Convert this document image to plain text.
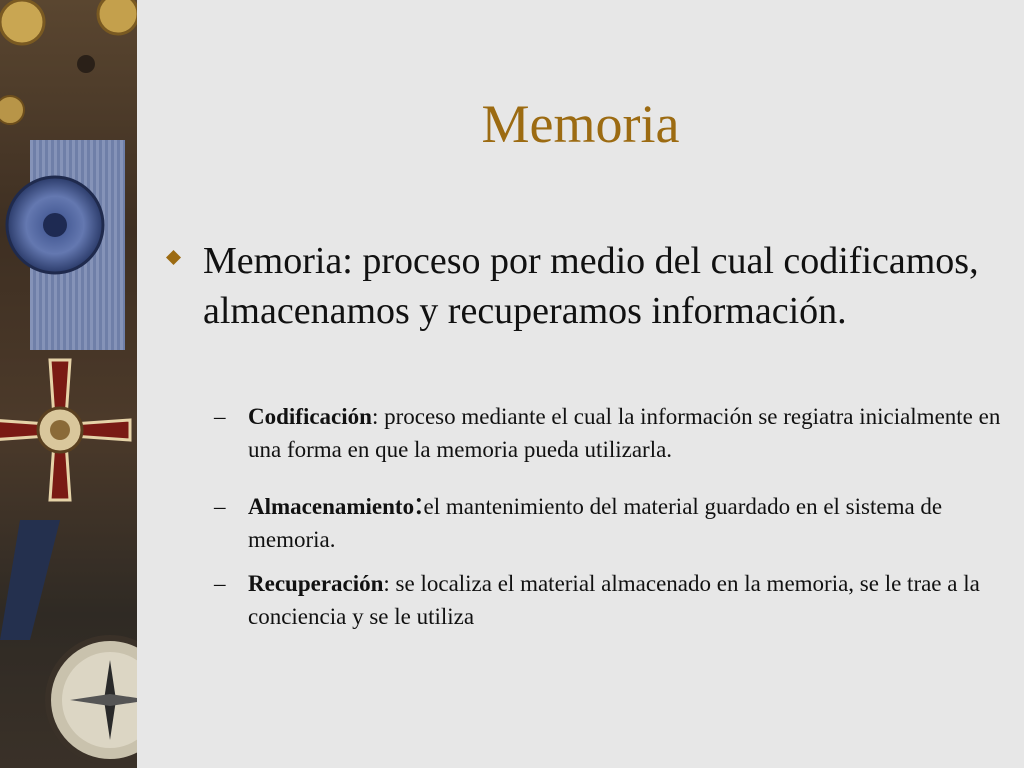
Memoria
Memoria: proceso por medio del cual codificamos, almacenamos y recuperamos información.
– Codificación: proceso mediante el cual la información se regiatra inicialmente en una forma en que la memoria pueda utilizarla.
– Almacenamiento:el mantenimiento del material guardado en el sistema de memoria.
– Recuperación: se localiza el material almacenado en la memoria, se le trae a la conciencia y se le utiliza
